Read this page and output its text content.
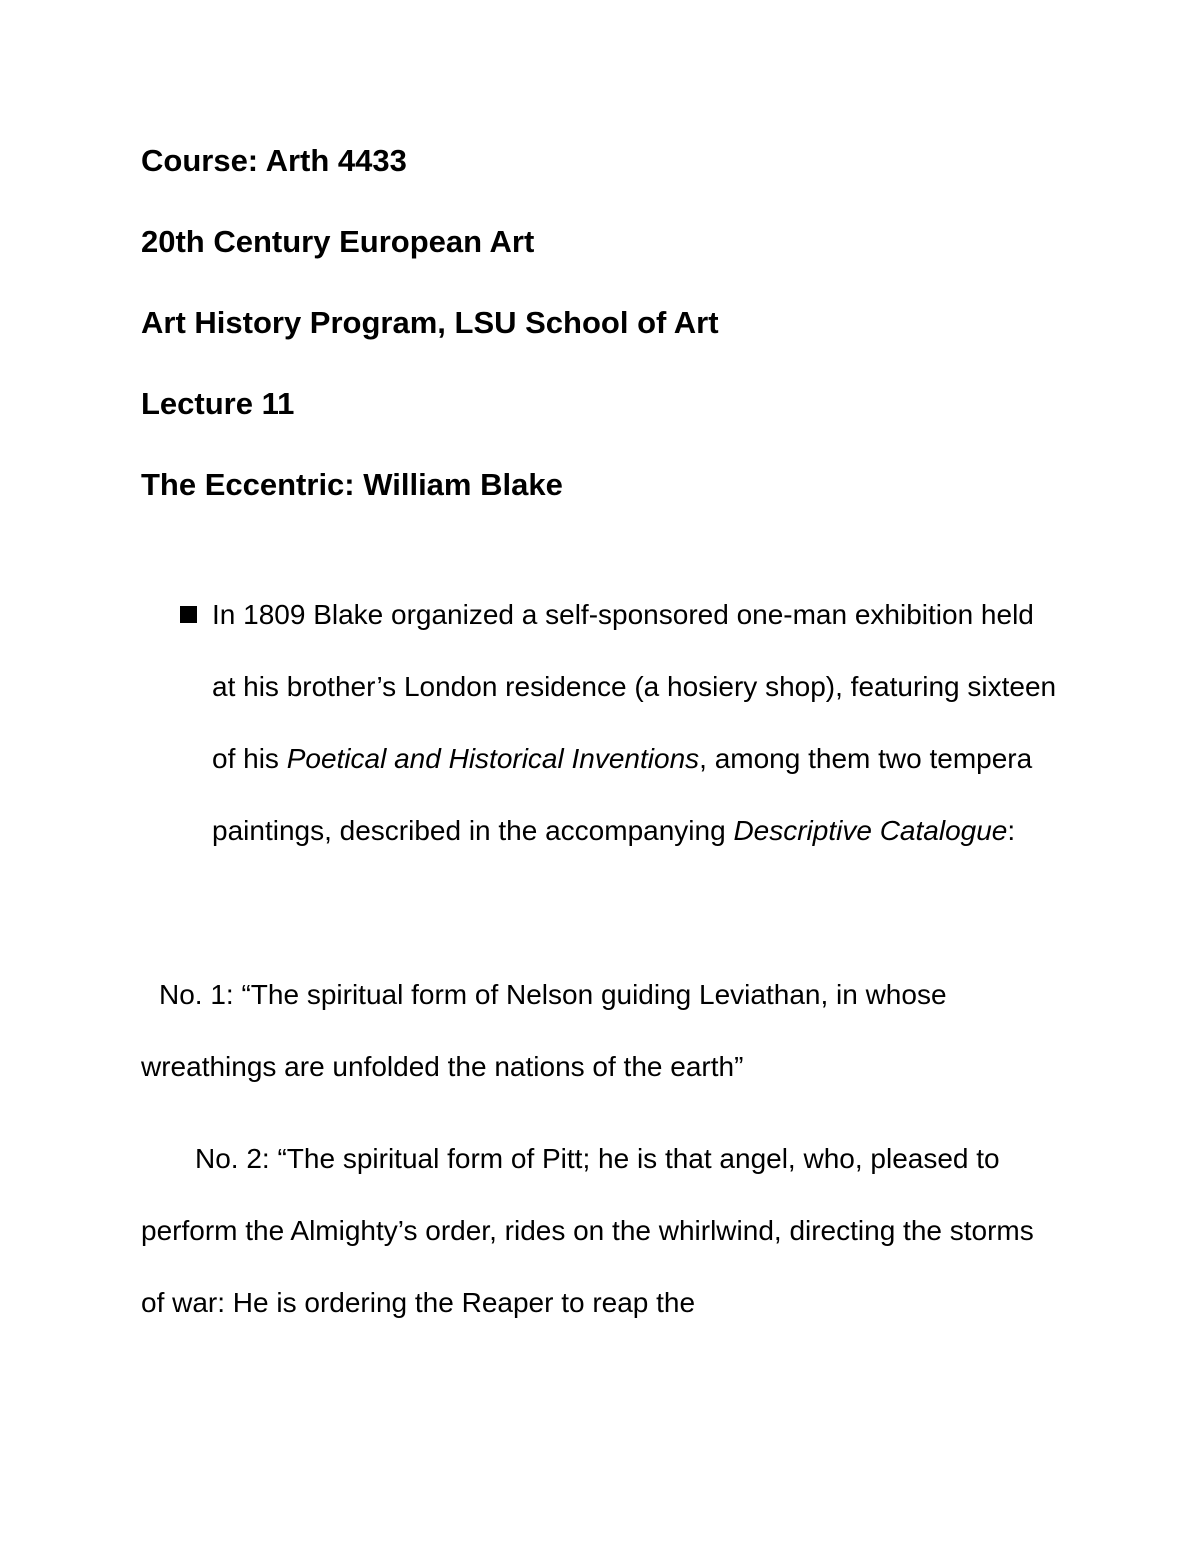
Course: Arth 4433

20th Century European Art

Art History Program, LSU School of Art

Lecture 11

The Eccentric: William Blake

In 1809 Blake organized a self-sponsored one-man exhibition held at his brother’s London residence (a hosiery shop), featuring sixteen of his Poetical and Historical Inventions, among them two tempera paintings, described in the accompanying Descriptive Catalogue:

No. 1: “The spiritual form of Nelson guiding Leviathan, in whose wreathings are unfolded the nations of the earth”

No. 2: “The spiritual form of Pitt; he is that angel, who, pleased to perform the Almighty’s order, rides on the whirlwind, directing the storms of war: He is ordering the Reaper to reap the
